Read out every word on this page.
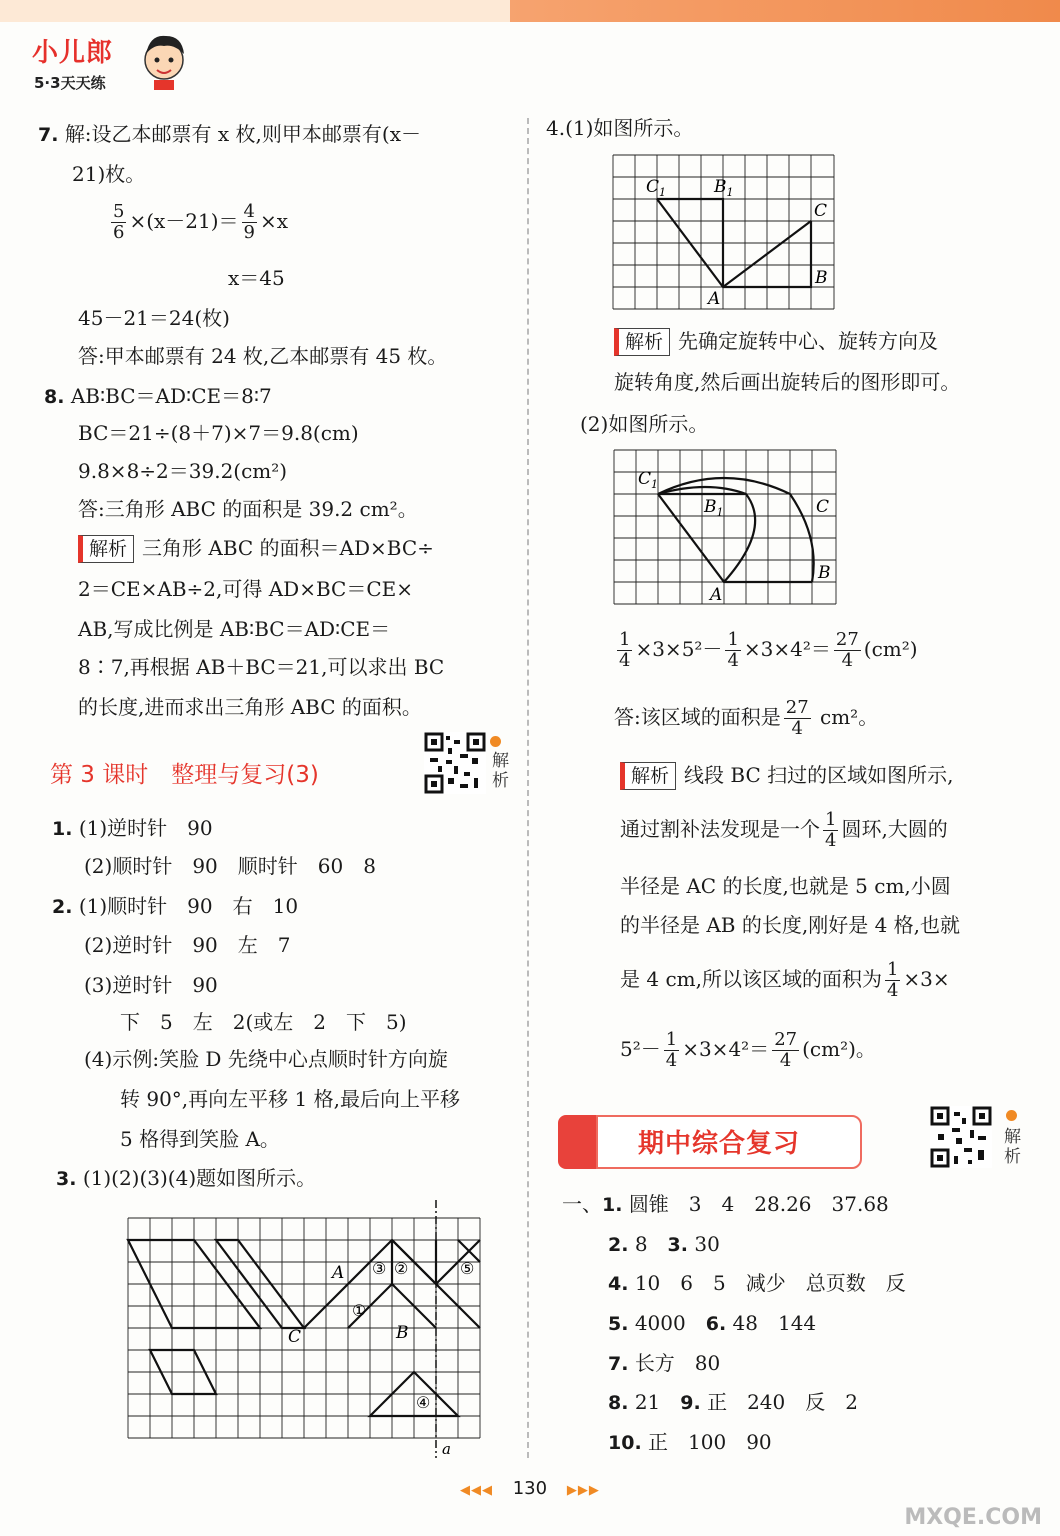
小儿郎
5·3天天练
7. 解:设乙本邮票有 x 枚,则甲本邮票有(x－
21)枚。
$\frac{5}{6} \times(x-21)= \frac{4}{9} \times x$
x＝45
45－21＝24(枚)
答:甲本邮票有 24 枚,乙本邮票有 45 枚。
8. AB∶BC＝AD∶CE＝8∶7
BC＝21÷(8＋7)×7＝9.8(cm)
9.8×8÷2＝39.2(cm²)
答:三角形 ABC 的面积是 39.2 cm²。
解析 三角形 ABC 的面积＝AD×BC÷
2＝CE×AB÷2,可得 AD×BC＝CE×
AB,写成比例是 AB∶BC＝AD∶CE＝
8∶7,再根据 AB＋BC＝21,可以求出 BC
的长度,进而求出三角形 ABC 的面积。
第 3 课时　整理与复习(3)
解
析
1. (1)逆时针　90
(2)顺时针　90　顺时针　60　8
2. (1)顺时针　90　右　10
(2)逆时针　90　左　7
(3)逆时针　90
下　5　左　2(或左　2　下　5)
(4)示例:笑脸 D 先绕中心点顺时针方向旋
转 90°,再向左平移 1 格,最后向上平移
5 格得到笑脸 A。
3. (1)(2)(3)(4)题如图所示。
A
B
C
①
③ ②	⑤
④
a
4.(1)如图所示。
$C_1$	$B_1$
C
B
A
解析 先确定旋转中心、旋转方向及
旋转角度,然后画出旋转后的图形即可。
(2)如图所示。
$C_1$
$B_1$	C
B
A
$\frac{1}{4} \times 3\times 5^2- \frac{1}{4} \times 3\times 4^2= \frac{27}{4} (cm^2)$
答:该区域的面积是 $\frac{27}{4} cm^2$。
解析 线段 BC 扫过的区域如图所示,
通过割补法发现是一个 $\frac{1}{4}$ 圆环,大圆的
半径是 AC 的长度,也就是 5 cm,小圆
的半径是 AB 的长度,刚好是 4 格,也就
是 4 cm,所以该区域的面积为 $\frac{1}{4} \times 3\times$
$5^2- \frac{1}{4} \times 3\times 4^2= \frac{27}{4} (cm^2)$。
期中综合复习	解
析
一、1. 圆锥　3　4　28.26　37.68
2. 8　 3. 30
4. 10　6　5　减少　总页数　反
5. 4000　 6. 48　144
7. 长方　80
8. 21　 9. 正　240　反　2
10. 正　100　90
◀◀◀ 130 ▶▶▶
MXQE.COM
